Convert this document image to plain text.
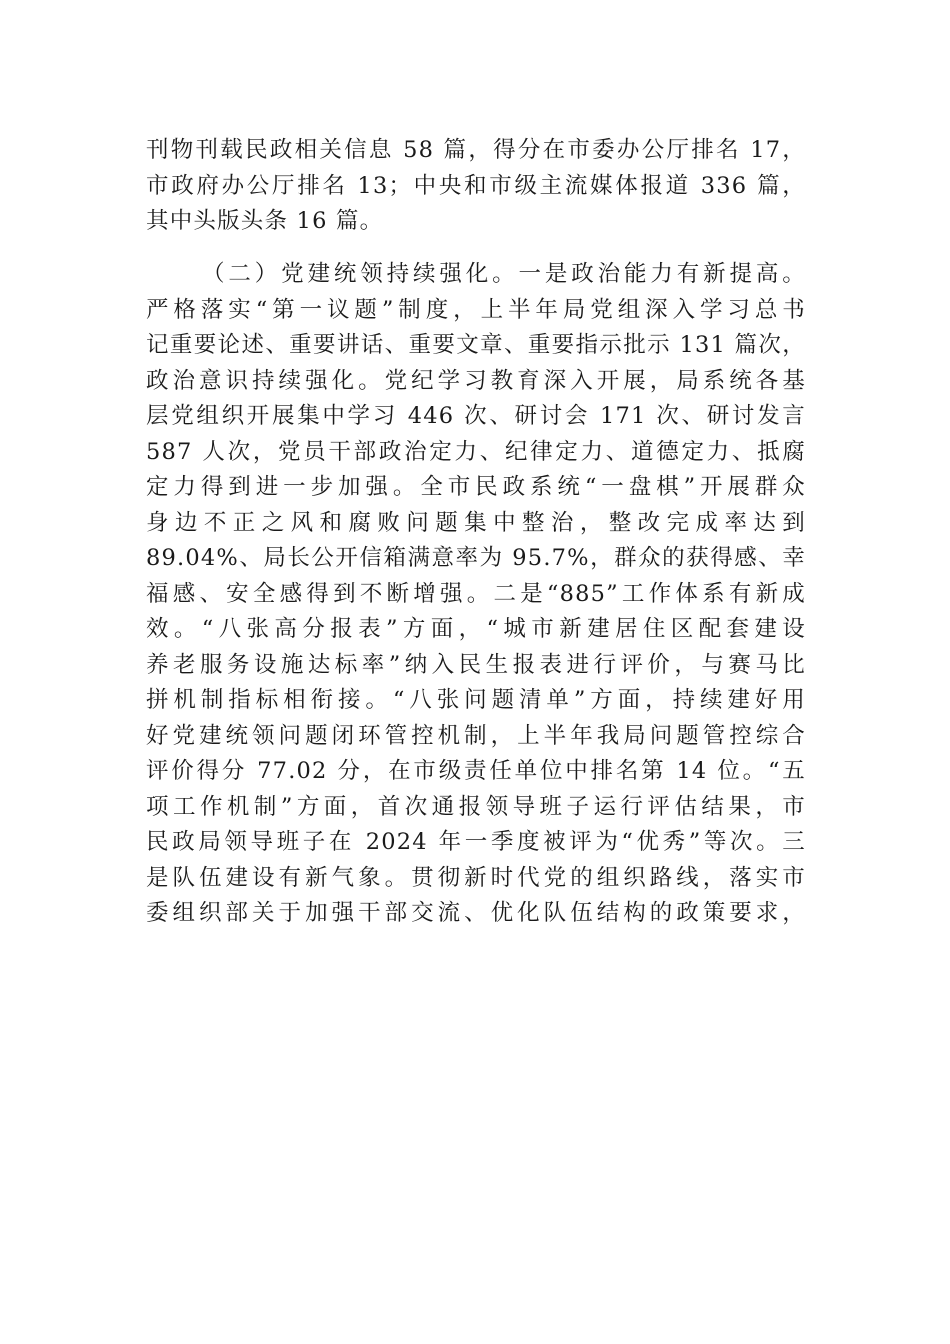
刊物刊载民政相关信息 58 篇，得分在市委办公厅排名 17，
市政府办公厅排名 13；中央和市级主流媒体报道 336 篇，
其中头版头条 16 篇。
（二）党建统领持续强化。一是政治能力有新提高。
严格落实“第一议题”制度，上半年局党组深入学习总书
记重要论述、重要讲话、重要文章、重要指示批示 131 篇次，
政治意识持续强化。党纪学习教育深入开展，局系统各基
层党组织开展集中学习 446 次、研讨会 171 次、研讨发言
587 人次，党员干部政治定力、纪律定力、道德定力、抵腐
定力得到进一步加强。全市民政系统“一盘棋”开展群众
身边不正之风和腐败问题集中整治，整改完成率达到
89.04%、局长公开信箱满意率为 95.7%，群众的获得感、幸
福感、安全感得到不断增强。二是“885”工作体系有新成
效。“八张高分报表”方面，“城市新建居住区配套建设
养老服务设施达标率”纳入民生报表进行评价，与赛马比
拼机制指标相衔接。“八张问题清单”方面，持续建好用
好党建统领问题闭环管控机制，上半年我局问题管控综合
评价得分 77.02 分，在市级责任单位中排名第 14 位。“五
项工作机制”方面，首次通报领导班子运行评估结果，市
民政局领导班子在 2024 年一季度被评为“优秀”等次。三
是队伍建设有新气象。贯彻新时代党的组织路线，落实市
委组织部关于加强干部交流、优化队伍结构的政策要求，
